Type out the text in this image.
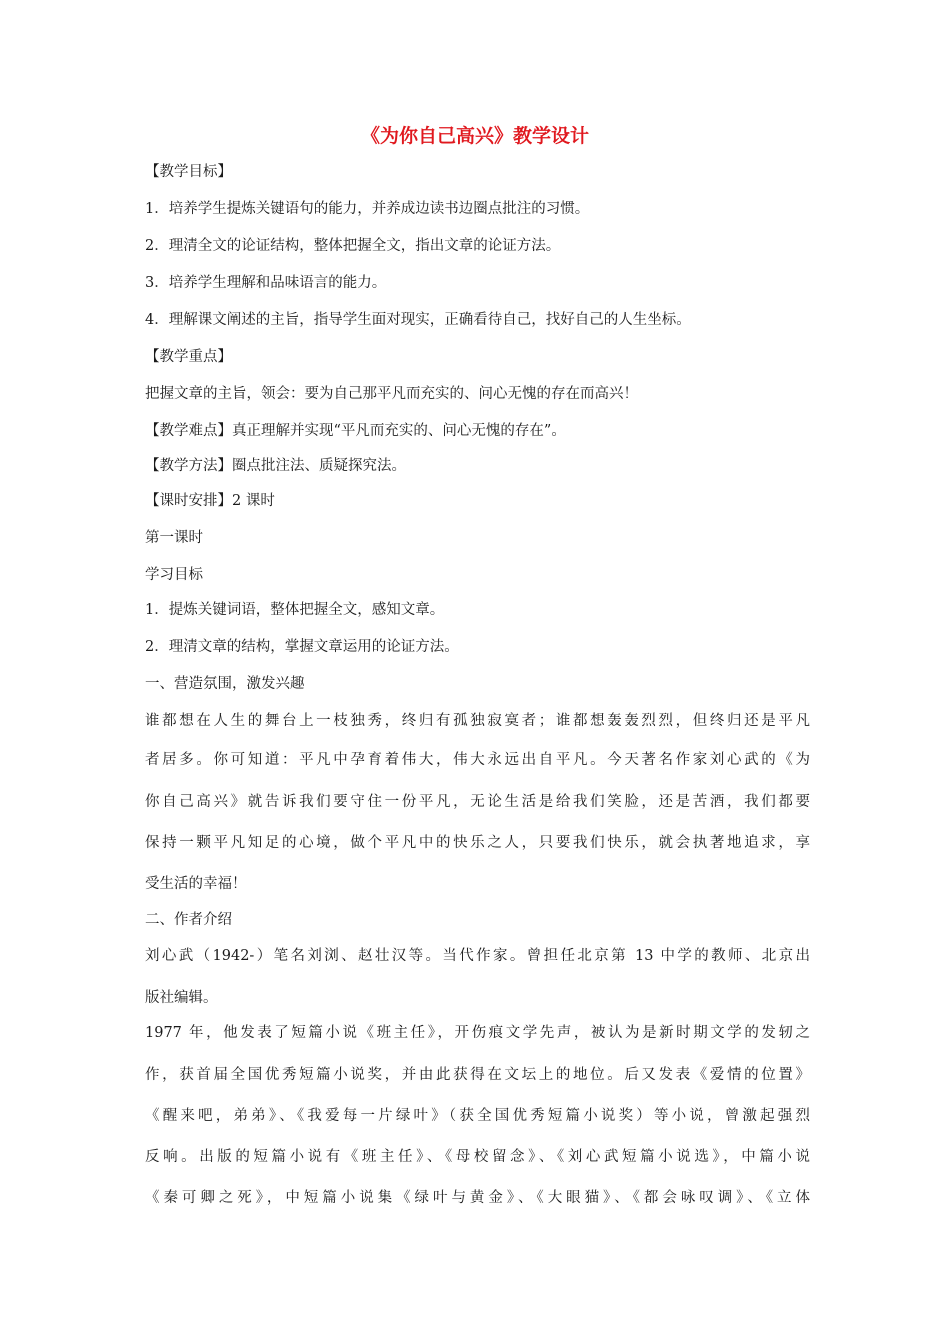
《为你自己高兴》教学设计
【教学目标】
1．培养学生提炼关键语句的能力，并养成边读书边圈点批注的习惯。
2．理清全文的论证结构，整体把握全文，指出文章的论证方法。
3．培养学生理解和品味语言的能力。
4．理解课文阐述的主旨，指导学生面对现实，正确看待自己，找好自己的人生坐标。
【教学重点】
把握文章的主旨，领会：要为自己那平凡而充实的、问心无愧的存在而高兴！
【教学难点】真正理解并实现“平凡而充实的、问心无愧的存在”。
【教学方法】圈点批注法、质疑探究法。
【课时安排】2 课时
第一课时
学习目标
1．提炼关键词语，整体把握全文，感知文章。
2．理清文章的结构，掌握文章运用的论证方法。
一、营造氛围，激发兴趣
谁都想在人生的舞台上一枝独秀，终归有孤独寂寞者；谁都想轰轰烈烈，但终归还是平凡
者居多。你可知道：平凡中孕育着伟大，伟大永远出自平凡。今天著名作家刘心武的《为
你自己高兴》就告诉我们要守住一份平凡，无论生活是给我们笑脸，还是苦酒，我们都要
保持一颗平凡知足的心境，做个平凡中的快乐之人，只要我们快乐，就会执著地追求，享
受生活的幸福！
二、作者介绍
刘心武（1942-）笔名刘浏、赵壮汉等。当代作家。曾担任北京第 13 中学的教师、北京出
版社编辑。
1977 年，他发表了短篇小说《班主任》，开伤痕文学先声，被认为是新时期文学的发轫之
作，获首届全国优秀短篇小说奖，并由此获得在文坛上的地位。后又发表《爱情的位置》
《醒来吧，弟弟》、《我爱每一片绿叶》（获全国优秀短篇小说奖）等小说，曾激起强烈
反响。出版的短篇小说有《班主任》、《母校留念》、《刘心武短篇小说选》，中篇小说
《秦可卿之死》，中短篇小说集《绿叶与黄金》、《大眼猫》、《都会咏叹调》、《立体
